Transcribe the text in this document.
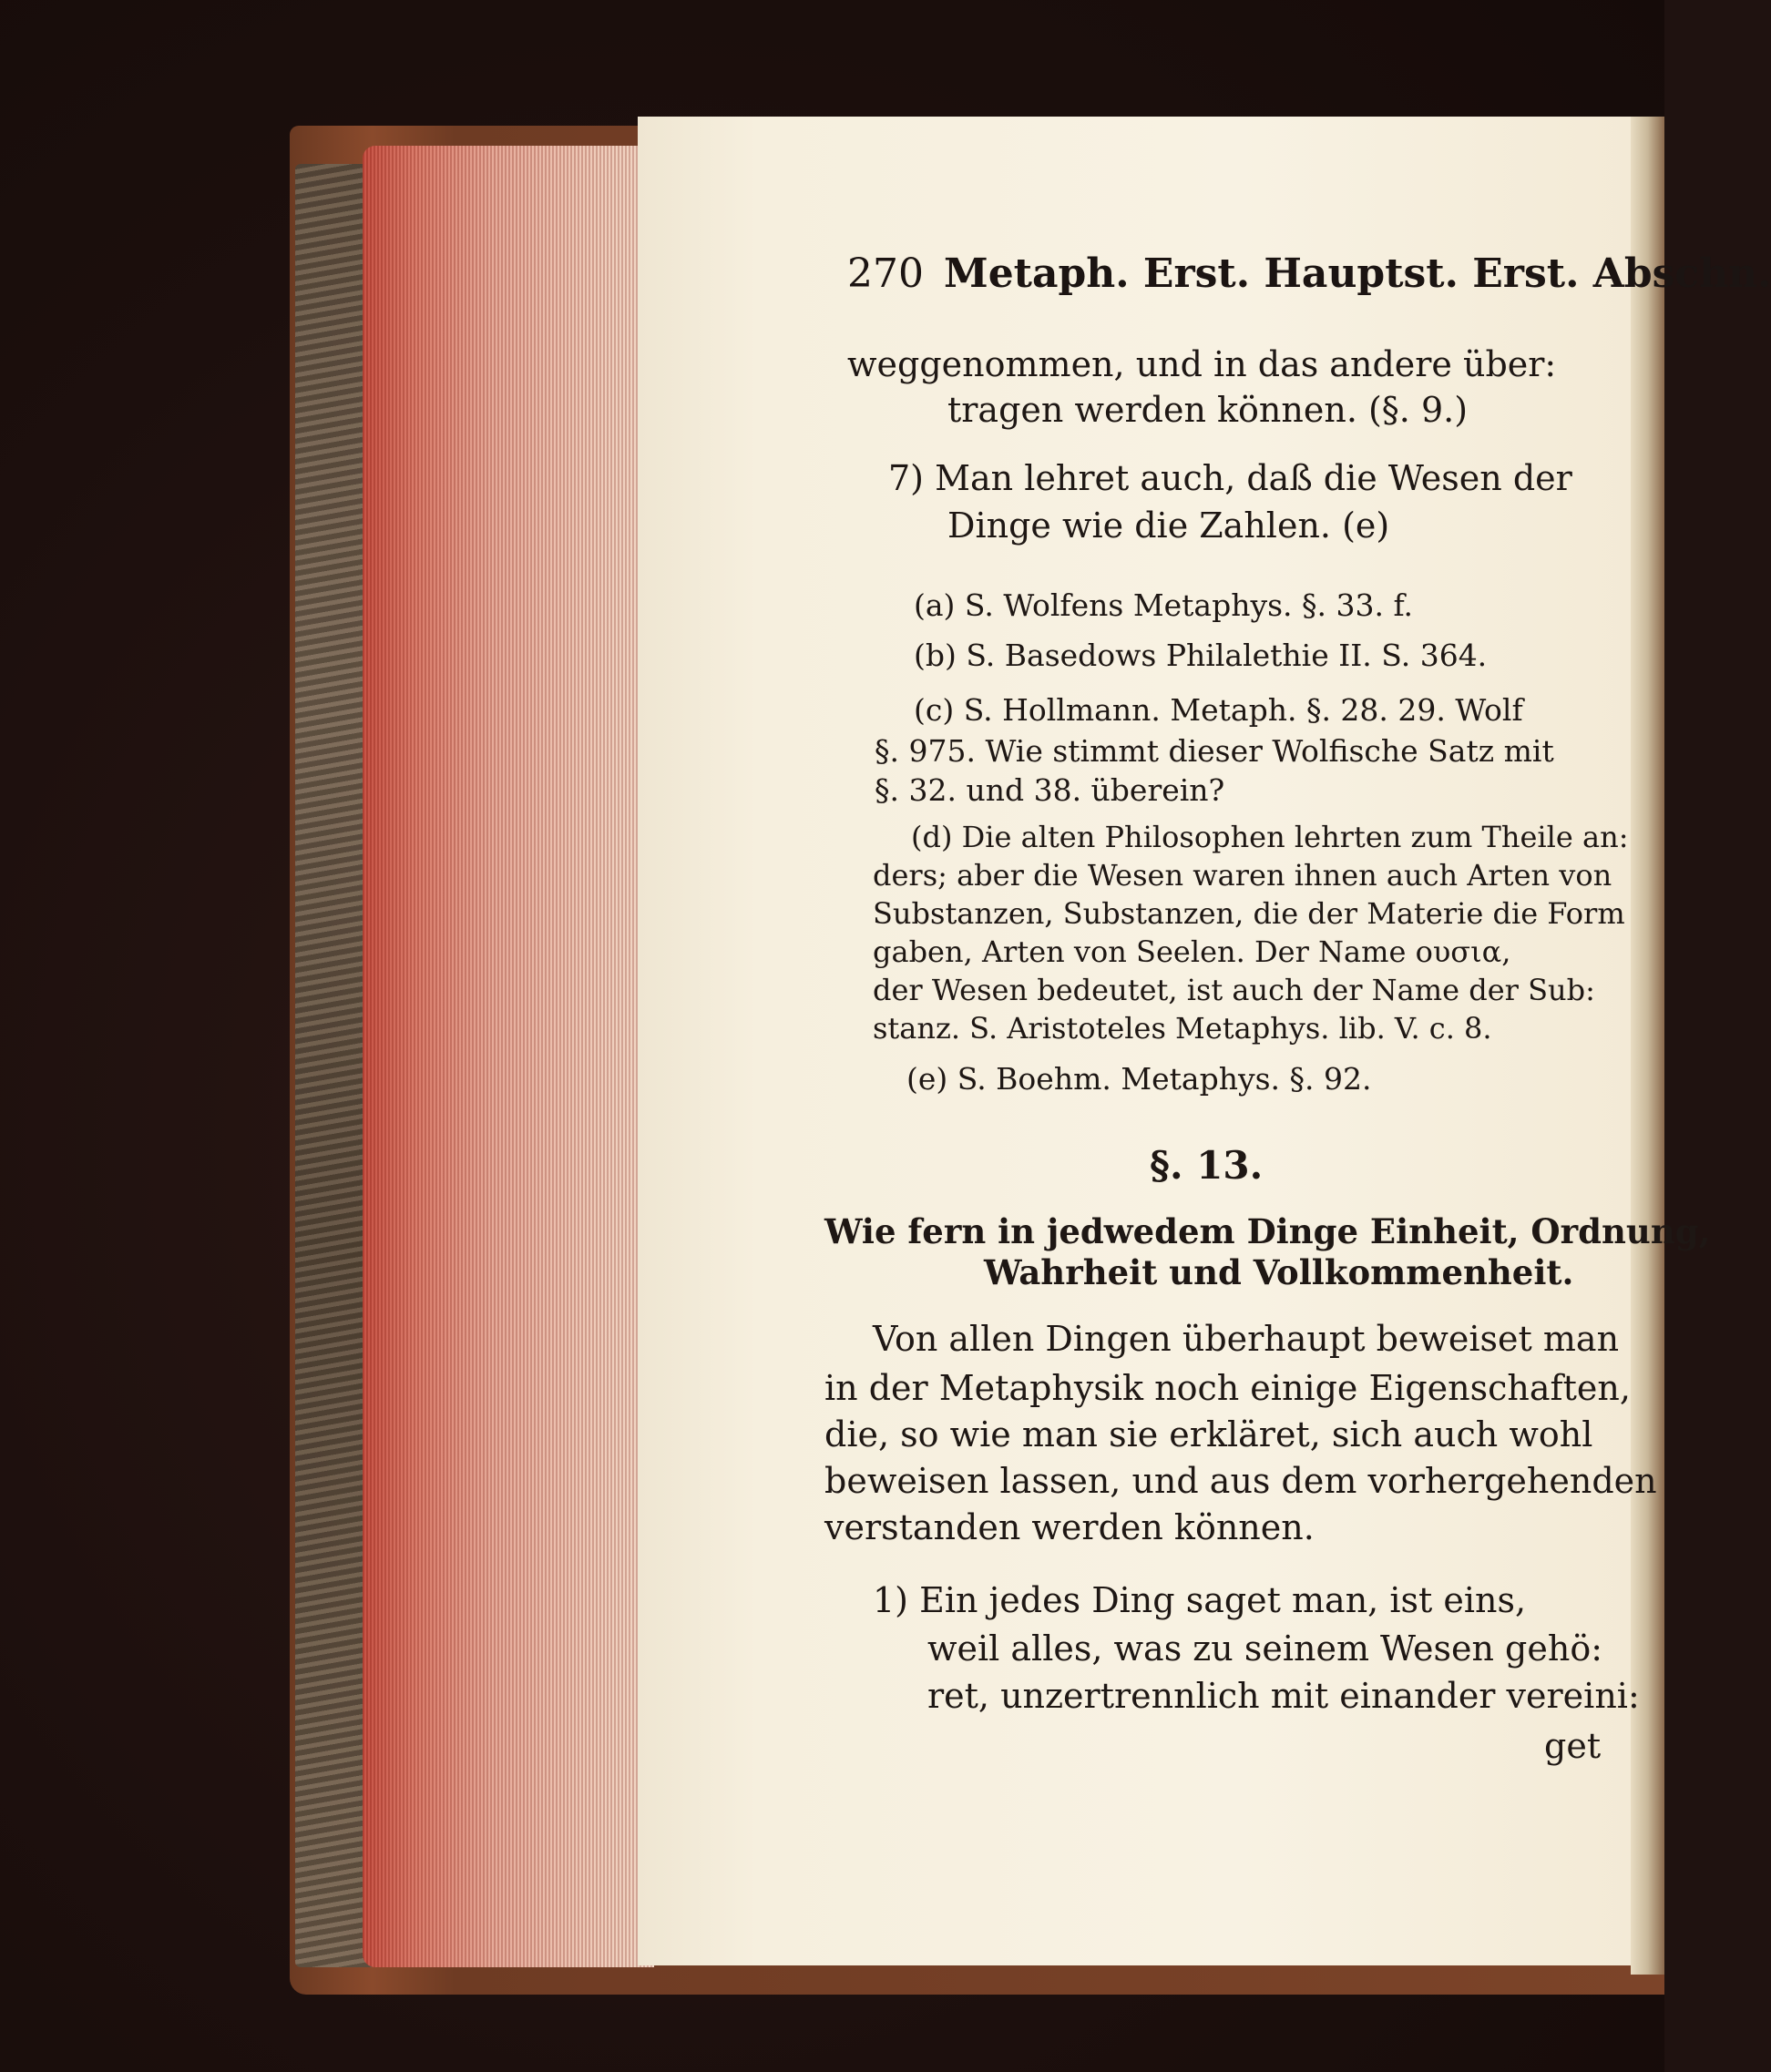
270 Metaph. Erst. Hauptst. Erst. Abschn.
weggenommen, und in das andere über:
tragen werden können. (§. 9.)
7) Man lehret auch, daß die Wesen der
Dinge wie die Zahlen. (e)
(a) S. Wolfens Metaphys. §. 33. f.
(b) S. Basedows Philalethie II. S. 364.
(c) S. Hollmann. Metaph. §. 28. 29. Wolf
§. 975. Wie stimmt dieser Wolfische Satz mit
§. 32. und 38. überein?
(d) Die alten Philosophen lehrten zum Theile an:
ders; aber die Wesen waren ihnen auch Arten von
Substanzen, Substanzen, die der Materie die Form
gaben, Arten von Seelen. Der Name ουσια,
der Wesen bedeutet, ist auch der Name der Sub:
stanz. S. Aristoteles Metaphys. lib. V. c. 8.
(e) S. Boehm. Metaphys. §. 92.
§. 13.
Wie fern in jedwedem Dinge Einheit, Ordnung,
Wahrheit und Vollkommenheit.
Von allen Dingen überhaupt beweiset man
in der Metaphysik noch einige Eigenschaften,
die, so wie man sie erkläret, sich auch wohl
beweisen lassen, und aus dem vorhergehenden
verstanden werden können.
1) Ein jedes Ding saget man, ist eins,
weil alles, was zu seinem Wesen gehö:
ret, unzertrennlich mit einander vereini:
get
